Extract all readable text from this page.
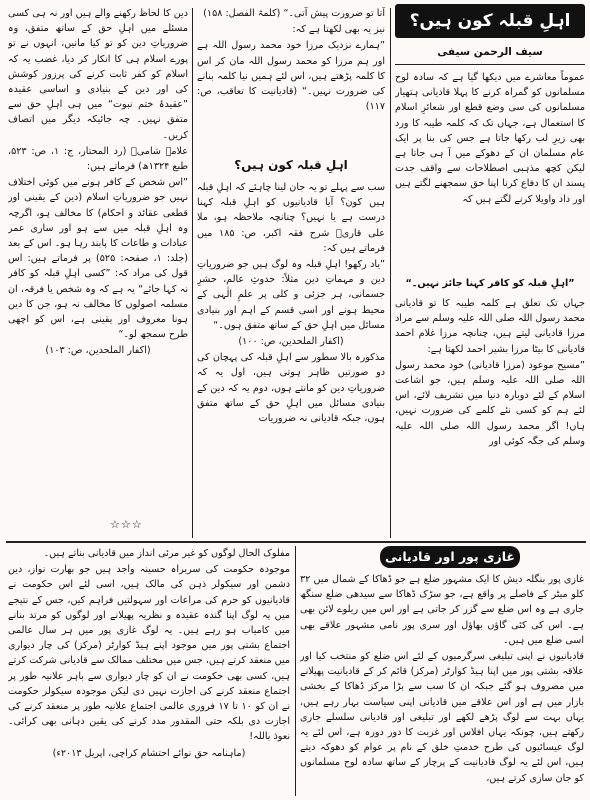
اہلِ قبلہ کون ہیں؟
سیف الرحمن سیفی

عموماً معاشرے میں دیکھا گیا ہے کہ سادہ لوح مسلمانوں کو گمراہ کرنے کا پہلا قادیانی ہتھیار مسلمانوں کی سی وضع قطع اور شعائرِ اسلام کا استعمال ہے، جہاں تک کہ کلمہ طیبہ کا ورد بھی زیرِ لب رکھا جاتا ہے جس کی بنا پر ایک عام مسلمان ان کے دھوکے میں آ ہی جاتا ہے لیکن کچھ مذہبی اصطلاحات سے واقف جدت پسند ان کا دفاع کرنا اپنا حق سمجھنے لگتے ہیں اور داد واویلا کرنے لگتے ہیں کہ

”اہلِ قبلہ کو کافر کہنا جائز نہیں۔“

جہاں تک تعلق ہے کلمہ طیبہ کا تو قادیانی محمد رسول اللہ صلی اللہ علیہ وسلم سے مراد مرزا قادیانی لیتے ہیں، چنانچہ مرزا غلام احمد قادیانی کا بیٹا مرزا بشیر احمد لکھتا ہے:

”مسیح موعود (مرزا قادیانی) خود محمد رسول اللہ صلی اللہ علیہ وسلم ہیں، جو اشاعت اسلام کے لئے دوبارہ دنیا میں تشریف لائے، اس لئے ہم کو کسی نئے کلمے کی ضرورت نہیں، ہاں! اگر محمد رسول اللہ صلی اللہ علیہ وسلم کی جگہ کوئی اور

آتا تو ضرورت پیش آتی۔“ (کلمۃ الفصل: ۱۵۸)

نیز یہ بھی لکھتا ہے کہ:

”ہمارے نزدیک مرزا خود محمد رسول اللہ ہے اور ہم مرزا کو محمد رسول اللہ مان کر اس کا کلمہ پڑھتے ہیں، اس لئے ہمیں نیا کلمہ بنانے کی ضرورت نہیں۔“ (قادیانیت کا تعاقب، ص: ۱۱۷)

اہلِ قبلہ کون ہیں؟

سب سے پہلے تو یہ جان لینا چاہئے کہ اہلِ قبلہ ہیں کون؟ آیا قادیانیوں کو اہلِ قبلہ کہنا درست ہے یا نہیں؟ چنانچہ ملاحظہ ہو، ملا علی قاریؒ شرح فقہ اکبر، ص: ۱۸۵ میں فرماتے ہیں کہ:

”یاد رکھو! اہلِ قبلہ وہ لوگ ہیں جو ضروریاتِ دین و مہماتِ دین مثلاً: حدوثِ عالم، حشرِ جسمانی، ہر جزئی و کلی پر علمِ الٰہی کے محیط ہونے اور اسی قسم کے اہم اور بنیادی مسائل میں اہلِ حق کے ساتھ متفق ہوں۔“

(اکفار الملحدین، ص: ۱۰۰)

مذکورہ بالا سطور سے اہلِ قبلہ کی پہچان کی دو صورتیں ظاہر ہوتی ہیں، اول یہ کہ ضروریاتِ دین کو مانتے ہوں، دوم یہ کہ دین کے بنیادی مسائل میں اہلِ حق کے ساتھ متفق ہوں، جبکہ قادیانی نہ ضروریات

دین کا لحاظ رکھنے والے ہیں اور نہ ہی کسی مسئلے میں اہلِ حق کے ساتھ متفق، وہ ضروریاتِ دین کو تو کیا مانیں، انہوں نے تو پورے اسلام ہی کا انکار کر دیا، غضب یہ کہ اسلام کو کفر ثابت کرنے کی پرزور کوشش کی اور دین کے بنیادی و اساسی عقیدہ ”عقیدۂ ختم نبوت“ میں ہی اہلِ حق سے متفق نہیں۔ چہ جائیکہ دیگر میں اتصاف کریں۔

علامہ شامیؒ (رد المحتار، ج: ۱، ص: ۵۲۳، طبع ۱۳۲۴ھ) فرماتے ہیں:

”اس شخص کے کافر ہونے میں کوئی اختلاف نہیں جو ضروریاتِ اسلام (دین کے یقینی اور قطعی عقائد و احکام) کا مخالف ہو، اگرچہ وہ اہلِ قبلہ میں سے ہو اور ساری عمر عبادات و طاعات کا پابند رہا ہو۔ اس کے بعد (جلد: ۱، صفحہ: ۵۲۵) پر فرماتے ہیں: اس قول کی مراد کہ: ”کسی اہلِ قبلہ کو کافر نہ کہا جائے“ یہ ہے کہ وہ شخص یا فرقہ، ان مسلمہ اصولوں کا مخالف نہ ہو، جن کا دین ہونا معروف اور یقینی ہے، اس کو اچھی طرح سمجھ لو۔“

(اکفار الملحدین، ص: ۱۰۳)

☆☆☆
غازی پور اور قادیانی

غازی پور بنگلہ دیش کا ایک مشہور ضلع ہے جو ڈھاکا کے شمال میں ۳۲ کلو میٹر کے فاصلے پر واقع ہے، جو سڑک ڈھاکا سے سیدھی ضلع سنگھ جاری ہے وہ اس ضلع سے گزر کر جاتی ہے اور اس میں ریلوے لائن بھی ہے۔ اس کی کئی گاؤں بھاؤل اور سری پور نامی مشہور علاقے بھی اسی ضلع میں ہیں۔

قادیانیوں نے اپنی تبلیغی سرگرمیوں کے لئے اس ضلع کو منتخب کیا اور علاقہ بشتی پور میں اپنا ہیڈ کوارٹر (مرکز) قائم کر کے قادیانیت پھیلانے میں مصروف ہو گئے جبکہ ان کا سب سے بڑا مرکز ڈھاکا کے بخشی بازار میں ہے اور اس علاقے میں قادیانی اپنی سیاست بہار رہے ہیں، یہاں بہت سے لوگ پڑھے لکھے اور تبلیغی اور قادیانی سلسلے جاری رکھتے ہیں، چونکہ یہاں افلاس اور غربت کا دور دورہ ہے، اس لئے یہ لوگ عیسائیوں کی طرح خدمتِ خلق کے نام پر عوام کو دھوکہ دیتے ہیں، اس لئے یہ لوگ قادیانیت کے پرچار کے ساتھ سادہ لوح مسلمانوں کو جان سازی کرتے ہیں،

مفلوک الحال لوگوں کو غیر مرئی انداز میں قادیانی بناتے ہیں۔

موجودہ حکومت کی سربراہ حسینہ واجد ہیں جو بھارت نواز، دین دشمن اور سیکولر ذہن کی مالک ہیں، اسی لئے اس حکومت نے قادیانیوں کو حرم کی مراعات اور سہولتیں فراہم کیں، جس کے نتیجے میں یہ لوگ اپنا گندہ عقیدہ و نظریہ پھیلانے اور لوگوں کو مرتد بنانے میں کامیاب ہو رہے ہیں۔ یہ لوگ غازی پور میں ہر سال عالمی اجتماع بشتی پور میں موجود اپنے ہیڈ کوارٹر (مرکز) کی چار دیواری میں منعقد کرتے ہیں، جس میں مختلف ممالک سے قادیانی شرکت کرتے ہیں، کسی بھی حکومت نے ان کو چار دیواری سے باہر علانیہ طور پر اجتماع منعقد کرنے کی اجازت نہیں دی لیکن موجودہ سیکولر حکومت نے ان کو ۱۰ تا ۱۷ فروری عالمی اجتماع علانیہ طور پر منعقد کرنے کی اجازت دی بلکہ حتی المقدور مدد کرنے کی یقین دہانی بھی کرائی۔ نعوذ باللہ!

(ماہنامہ حق نوائے احتشام کراچی، اپریل ۲۰۱۳ء)
